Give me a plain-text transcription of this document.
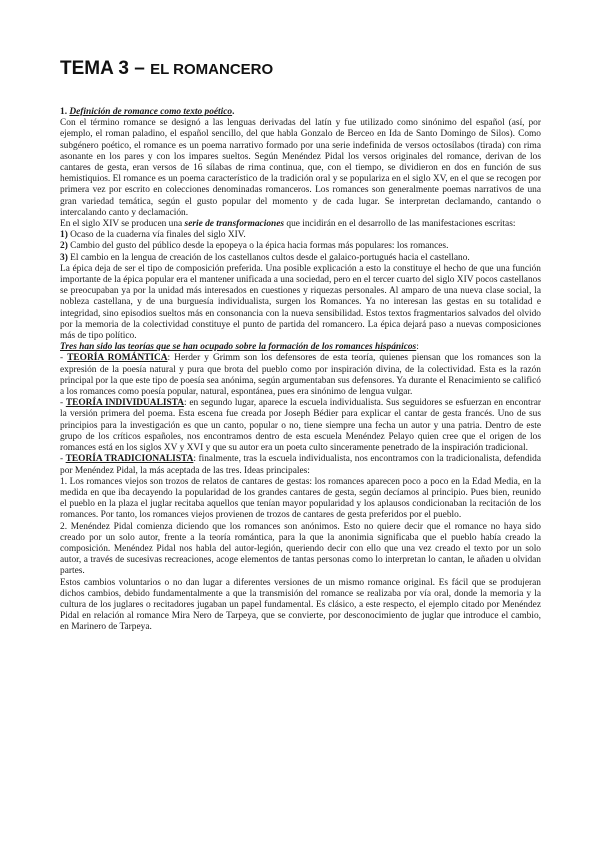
TEMA 3 – EL ROMANCERO

1. Definición de romance como texto poético.

Con el término romance se designó a las lenguas derivadas del latín y fue utilizado como sinónimo del español (así, por ejemplo, el roman paladino, el español sencillo, del que habla Gonzalo de Berceo en Ida de Santo Domingo de Silos). Como subgénero poético, el romance es un poema narrativo formado por una serie indefinida de versos octosílabos (tirada) con rima asonante en los pares y con los impares sueltos. Según Menéndez Pidal los versos originales del romance, derivan de los cantares de gesta, eran versos de 16 sílabas de rima continua, que, con el tiempo, se dividieron en dos en función de sus hemistiquios. El romance es un poema característico de la tradición oral y se populariza en el siglo XV, en el que se recogen por primera vez por escrito en colecciones denominadas romanceros. Los romances son generalmente poemas narrativos de una gran variedad temática, según el gusto popular del momento y de cada lugar. Se interpretan declamando, cantando o intercalando canto y declamación.

En el siglo XIV se producen una serie de transformaciones que incidirán en el desarrollo de las manifestaciones escritas:

1) Ocaso de la cuaderna vía finales del siglo XIV.

2) Cambio del gusto del público desde la epopeya o la épica hacia formas más populares: los romances.

3) El cambio en la lengua de creación de los castellanos cultos desde el galaico-portugués hacia el castellano.

La épica deja de ser el tipo de composición preferida. Una posible explicación a esto la constituye el hecho de que una función importante de la épica popular era el mantener unificada a una sociedad, pero en el tercer cuarto del siglo XIV pocos castellanos se preocupaban ya por la unidad más interesados en cuestiones y riquezas personales. Al amparo de una nueva clase social, la nobleza castellana, y de una burguesía individualista, surgen los Romances. Ya no interesan las gestas en su totalidad e integridad, sino episodios sueltos más en consonancia con la nueva sensibilidad. Estos textos fragmentarios salvados del olvido por la memoria de la colectividad constituye el punto de partida del romancero. La épica dejará paso a nuevas composiciones más de tipo político.

Tres han sido las teorías que se han ocupado sobre la formación de los romances hispánicos:

- TEORÍA ROMÁNTICA: Herder y Grimm son los defensores de esta teoría, quienes piensan que los romances son la expresión de la poesía natural y pura que brota del pueblo como por inspiración divina, de la colectividad. Esta es la razón principal por la que este tipo de poesía sea anónima, según argumentaban sus defensores. Ya durante el Renacimiento se calificó a los romances como poesía popular, natural, espontánea, pues era sinónimo de lengua vulgar.

- TEORÍA INDIVIDUALISTA: en segundo lugar, aparece la escuela individualista. Sus seguidores se esfuerzan en encontrar la versión primera del poema. Esta escena fue creada por Joseph Bédier para explicar el cantar de gesta francés. Uno de sus principios para la investigación es que un canto, popular o no, tiene siempre una fecha un autor y una patria. Dentro de este grupo de los críticos españoles, nos encontramos dentro de esta escuela Menéndez Pelayo quien cree que el origen de los romances está en los siglos XV y XVI y que su autor era un poeta culto sinceramente penetrado de la inspiración tradicional.

- TEORÍA TRADICIONALISTA: finalmente, tras la escuela individualista, nos encontramos con la tradicionalista, defendida por Menéndez Pidal, la más aceptada de las tres. Ideas principales:

1. Los romances viejos son trozos de relatos de cantares de gestas: los romances aparecen poco a poco en la Edad Media, en la medida en que iba decayendo la popularidad de los grandes cantares de gesta, según decíamos al principio. Pues bien, reunido el pueblo en la plaza el juglar recitaba aquellos que tenían mayor popularidad y los aplausos condicionaban la recitación de los romances. Por tanto, los romances viejos provienen de trozos de cantares de gesta preferidos por el pueblo.

2. Menéndez Pidal comienza diciendo que los romances son anónimos. Esto no quiere decir que el romance no haya sido creado por un solo autor, frente a la teoría romántica, para la que la anonimia significaba que el pueblo había creado la composición. Menéndez Pidal nos habla del autor-legión, queriendo decir con ello que una vez creado el texto por un solo autor, a través de sucesivas recreaciones, acoge elementos de tantas personas como lo interpretan lo cantan, le añaden u olvidan partes.

Estos cambios voluntarios o no dan lugar a diferentes versiones de un mismo romance original. Es fácil que se produjeran dichos cambios, debido fundamentalmente a que la transmisión del romance se realizaba por vía oral, donde la memoria y la cultura de los juglares o recitadores jugaban un papel fundamental. Es clásico, a este respecto, el ejemplo citado por Menéndez Pidal en relación al romance Mira Nero de Tarpeya, que se convierte, por desconocimiento de juglar que introduce el cambio, en Marinero de Tarpeya.
